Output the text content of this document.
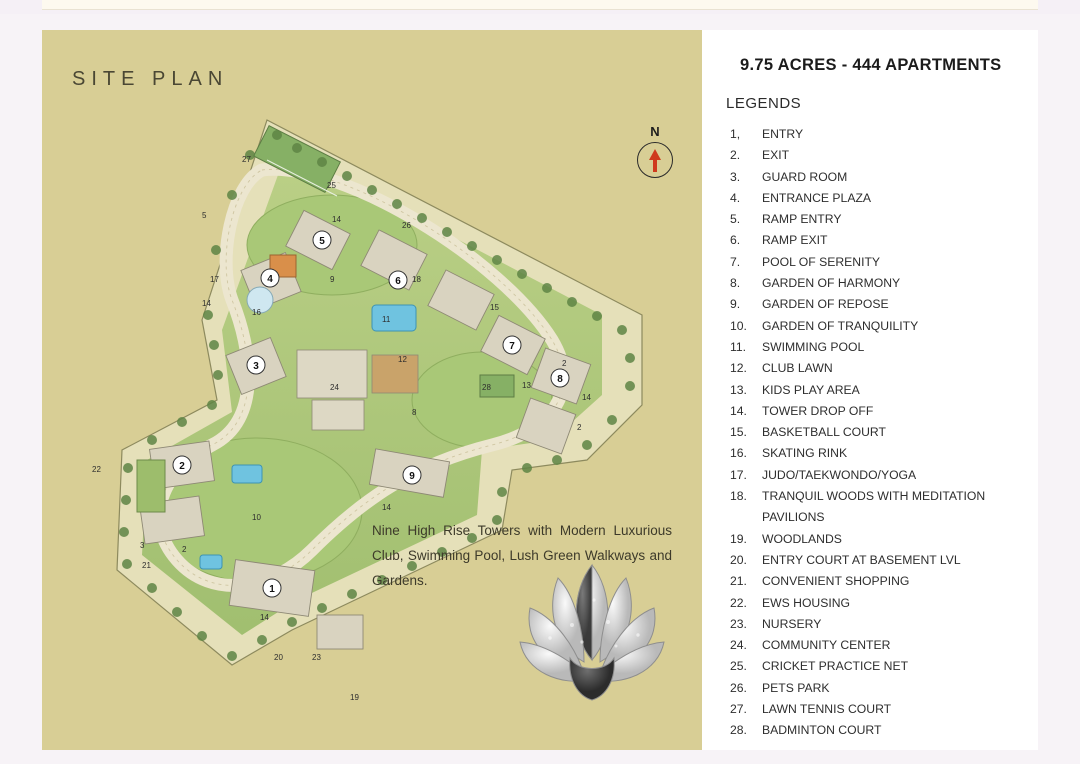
SITE PLAN
N
27
25
14
5
26
9
17
14
16
18
11
12
22
24
8
13
28
21
10
3	2
14
20
19
23
14
15
14
2
2
4
5
6
7
8
9
3
2
1
Nine High Rise Towers with Modern Luxurious Club, Swimming Pool, Lush Green Walkways and Gardens.
9.75 ACRES - 444 APARTMENTS
LEGENDS
1,	ENTRY
2.	EXIT
3.	GUARD ROOM
4.	ENTRANCE PLAZA
5.	RAMP ENTRY
6.	RAMP EXIT
7.	POOL OF SERENITY
8.	GARDEN OF HARMONY
9.	GARDEN OF REPOSE
10.	GARDEN OF TRANQUILITY
11.	SWIMMING POOL
12.	CLUB LAWN
13.	KIDS PLAY AREA
14.	TOWER DROP OFF
15.	BASKETBALL COURT
16.	SKATING RINK
17.	JUDO/TAEKWONDO/YOGA
18.	TRANQUIL WOODS WITH MEDITATION
PAVILIONS
19.	WOODLANDS
20.	ENTRY COURT AT BASEMENT LVL
21.	CONVENIENT SHOPPING
22.	EWS HOUSING
23.	NURSERY
24.	COMMUNITY CENTER
25.	CRICKET PRACTICE NET
26.	PETS PARK
27.	LAWN TENNIS COURT
28.	BADMINTON COURT
